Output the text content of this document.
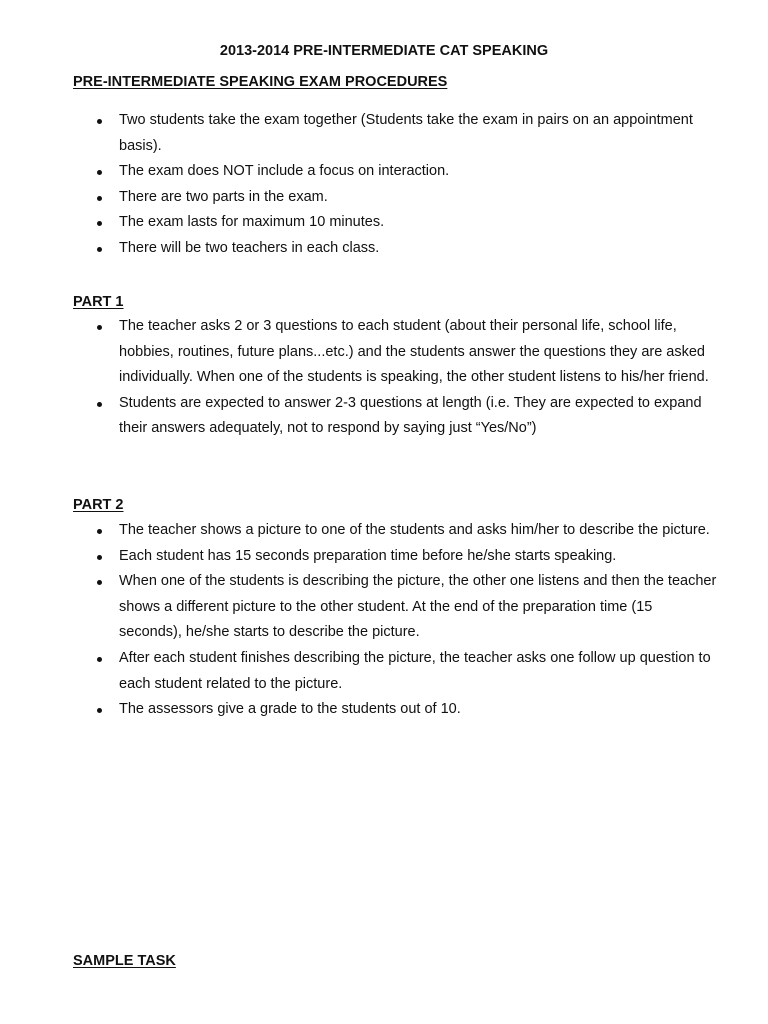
2013-2014 PRE-INTERMEDIATE CAT SPEAKING
PRE-INTERMEDIATE SPEAKING EXAM PROCEDURES
Two students take the exam together (Students take the exam in pairs on an appointment basis).
The exam does NOT include a focus on interaction.
There are two parts in the exam.
The exam lasts for maximum 10 minutes.
There will be two teachers in each class.
PART 1
The teacher asks 2 or 3 questions to each student (about their personal life, school life, hobbies, routines, future plans...etc.) and the students answer the questions they are asked individually. When one of the students is speaking, the other student listens to his/her friend.
Students are expected to answer 2-3 questions at length (i.e. They are expected to expand their answers adequately, not to respond by saying just “Yes/No”)
PART 2
The teacher shows a picture to one of the students and asks him/her to describe the picture.
Each student has 15 seconds preparation time before he/she starts speaking.
When one of the students is describing the picture, the other one listens and then the teacher shows a different picture to the other student. At the end of the preparation time (15 seconds), he/she starts to describe the picture.
After each student finishes describing the picture, the teacher asks one follow up question to each student related to the picture.
The assessors give a grade to the students out of 10.
SAMPLE TASK
